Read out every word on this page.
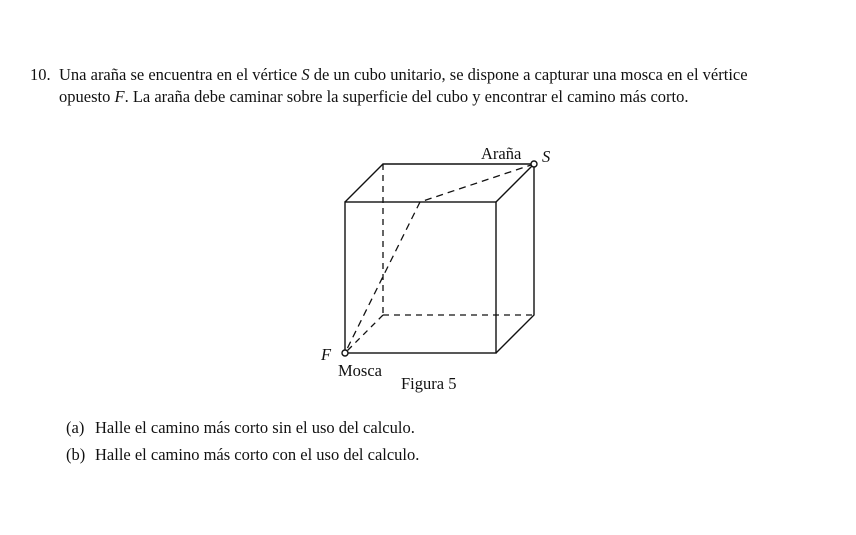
10. Una araña se encuentra en el vértice S de un cubo unitario, se dispone a capturar una mosca en el vértice
opuesto F. La araña debe caminar sobre la superficie del cubo y encontrar el camino más corto.
Araña S
F
Mosca
Figura 5
(a) Halle el camino más corto sin el uso del calculo.
(b) Halle el camino más corto con el uso del calculo.
